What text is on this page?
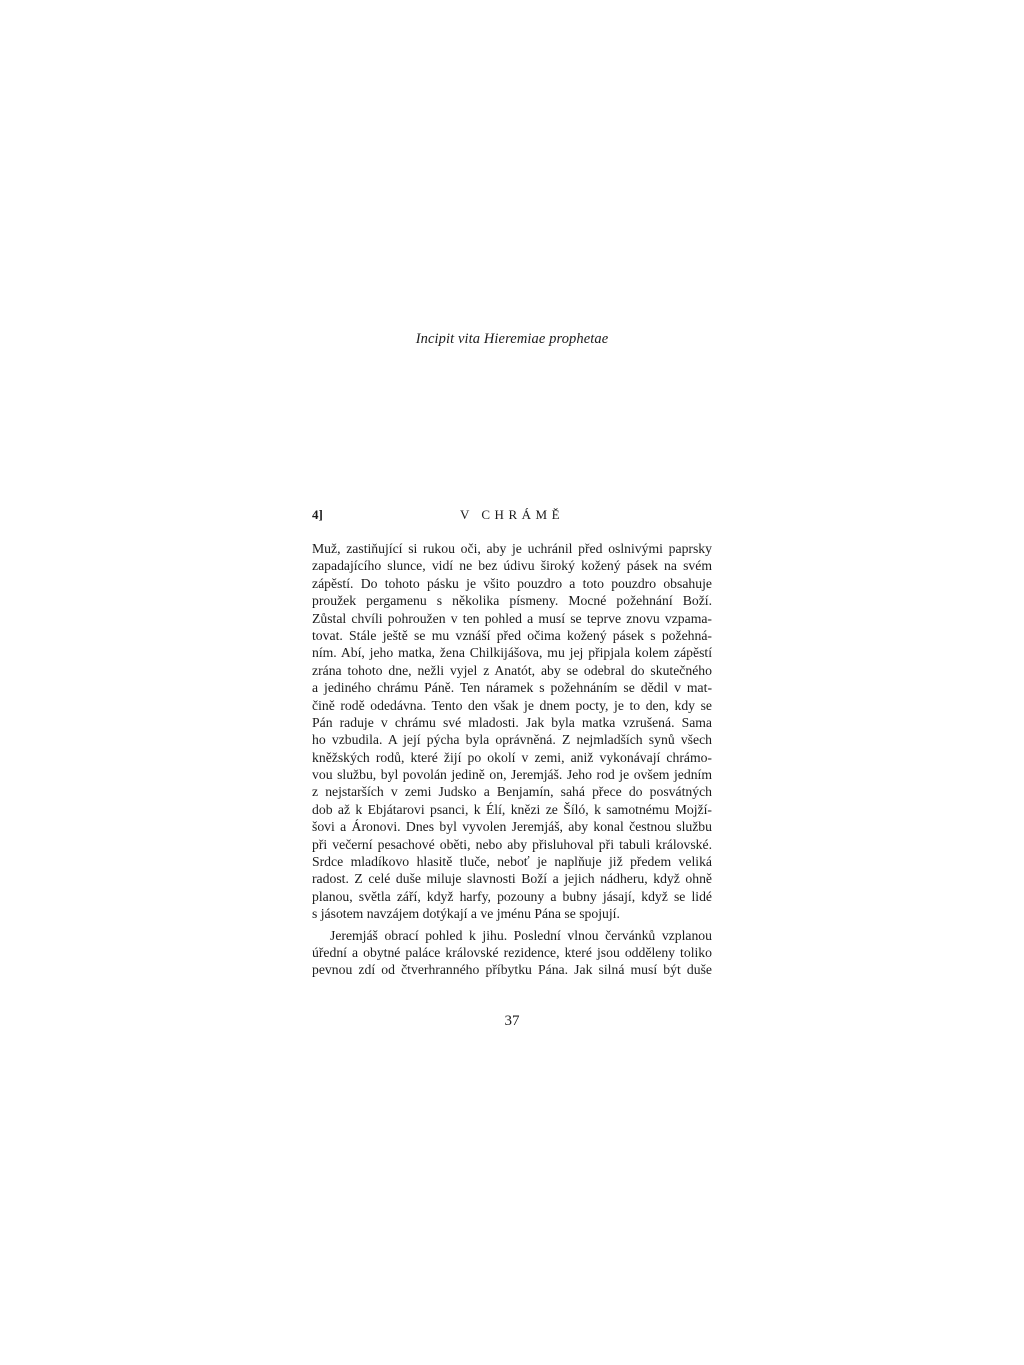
Incipit vita Hieremiae prophetae
4]	V CHRÁMĚ
Muž, zastiňující si rukou oči, aby je uchránil před oslnivými paprsky
zapadajícího slunce, vidí ne bez údivu široký kožený pásek na svém
zápěstí. Do tohoto pásku je všito pouzdro a toto pouzdro obsahuje
proužek pergamenu s několika písmeny. Mocné požehnání Boží.
Zůstal chvíli pohroužen v ten pohled a musí se teprve znovu vzpama-
tovat. Stále ještě se mu vznáší před očima kožený pásek s požehná-
ním. Abí, jeho matka, žena Chilkijášova, mu jej připjala kolem zápěstí
zrána tohoto dne, nežli vyjel z Anatót, aby se odebral do skutečného
a jediného chrámu Páně. Ten náramek s požehnáním se dědil v mat-
čině rodě odedávna. Tento den však je dnem pocty, je to den, kdy se
Pán raduje v chrámu své mladosti. Jak byla matka vzrušená. Sama
ho vzbudila. A její pýcha byla oprávněná. Z nejmladších synů všech
kněžských rodů, které žijí po okolí v zemi, aniž vykonávají chrámo-
vou službu, byl povolán jedině on, Jeremjáš. Jeho rod je ovšem jedním
z nejstarších v zemi Judsko a Benjamín, sahá přece do posvátných
dob až k Ebjátarovi psanci, k Élí, knězi ze Šíló, k samotnému Mojží-
šovi a Áronovi. Dnes byl vyvolen Jeremjáš, aby konal čestnou službu
při večerní pesachové oběti, nebo aby přisluhoval při tabuli královské.
Srdce mladíkovo hlasitě tluče, neboť je naplňuje již předem veliká
radost. Z celé duše miluje slavnosti Boží a jejich nádheru, když ohně
planou, světla září, když harfy, pozouny a bubny jásají, když se lidé
s jásotem navzájem dotýkají a ve jménu Pána se spojují.
Jeremjáš obrací pohled k jihu. Poslední vlnou červánků vzplanou
úřední a obytné paláce královské rezidence, které jsou odděleny toliko
pevnou zdí od čtverhranného příbytku Pána. Jak silná musí být duše
37
